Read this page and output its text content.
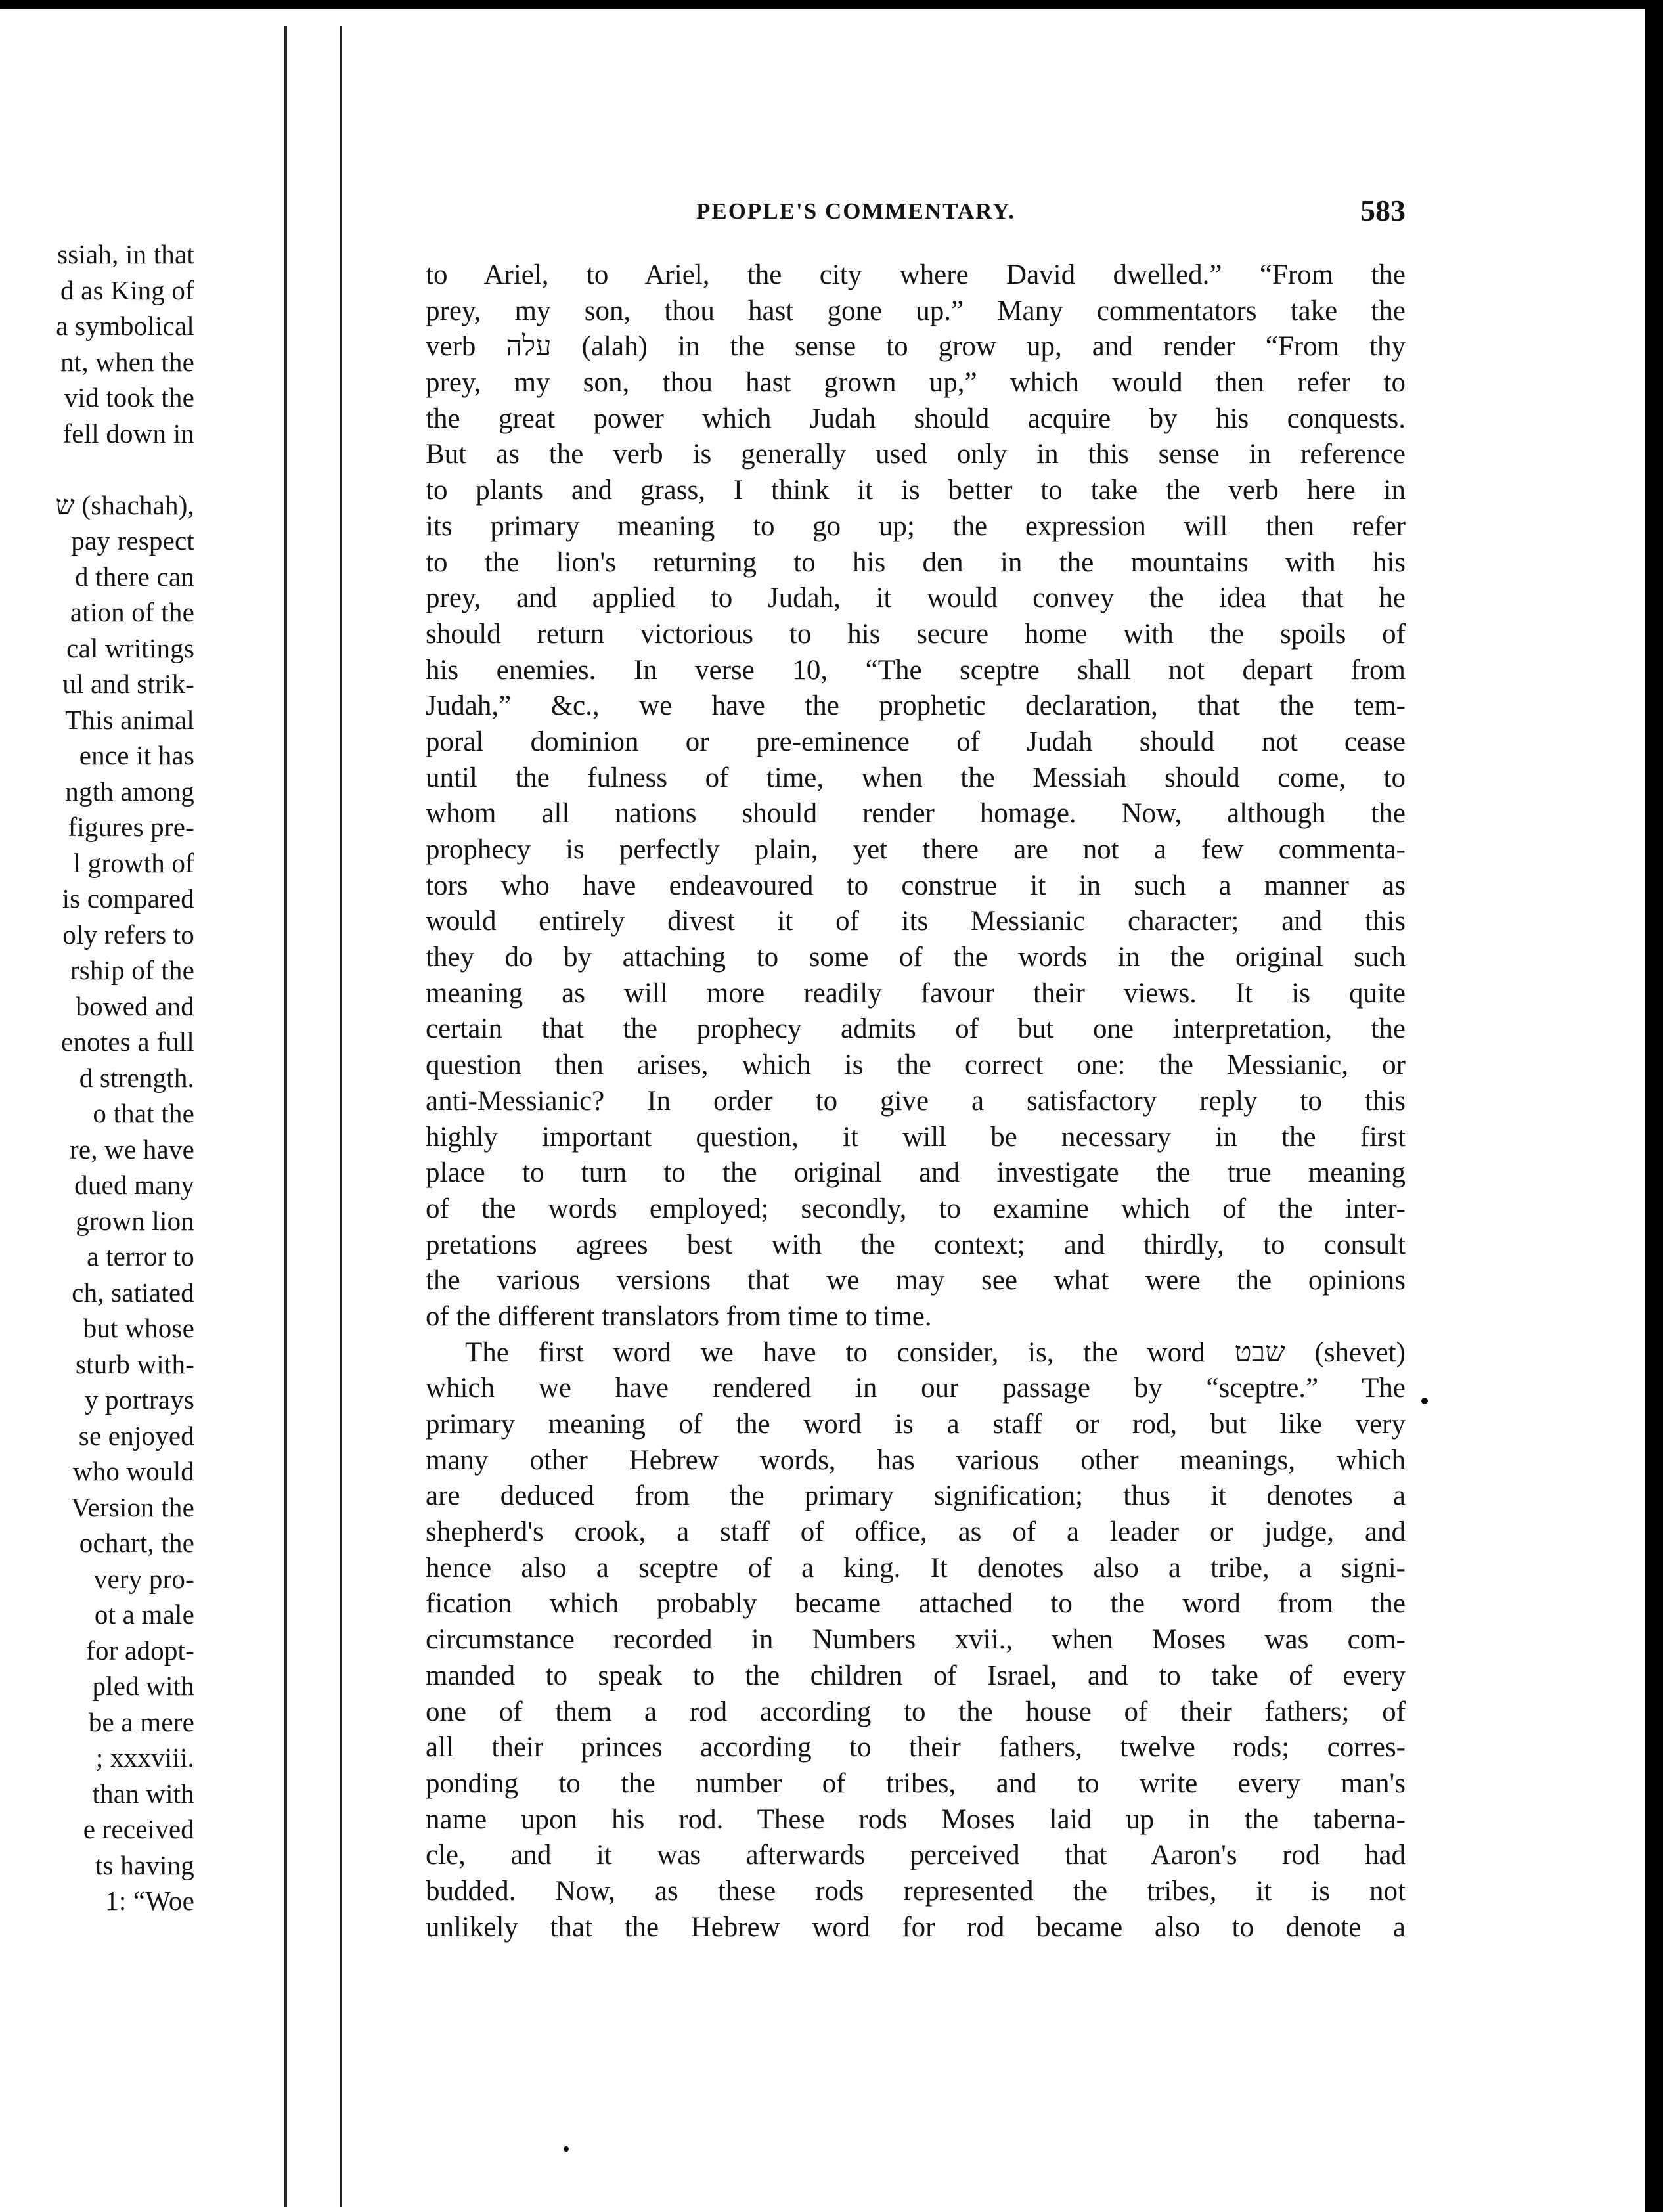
ssiah, in that
d as King of
a symbolical
nt, when the
vid took the
fell down in
ש (shachah),
pay respect
d there can
ation of the
cal writings
ul and strik-
This animal
ence it has
ngth among
figures pre-
l growth of
is compared
oly refers to
rship of the
bowed and
enotes a full
d strength.
o that the
re, we have
dued many
grown lion
a terror to
ch, satiated
but whose
sturb with-
y portrays
se enjoyed
who would
Version the
ochart, the
very pro-
ot a male
for adopt-
pled with
be a mere
; xxxviii.
than with
e received
ts having
1: “Woe
PEOPLE'S COMMENTARY.	583
to Ariel, to Ariel, the city where David dwelled.” “From the
prey, my son, thou hast gone up.” Many commentators take the
verb עלה (alah) in the sense to grow up, and render “From thy
prey, my son, thou hast grown up,” which would then refer to
the great power which Judah should acquire by his conquests.
But as the verb is generally used only in this sense in reference
to plants and grass, I think it is better to take the verb here in
its primary meaning to go up; the expression will then refer
to the lion's returning to his den in the mountains with his
prey, and applied to Judah, it would convey the idea that he
should return victorious to his secure home with the spoils of
his enemies. In verse 10, “The sceptre shall not depart from
Judah,” &c., we have the prophetic declaration, that the tem-
poral dominion or pre-eminence of Judah should not cease
until the fulness of time, when the Messiah should come, to
whom all nations should render homage. Now, although the
prophecy is perfectly plain, yet there are not a few commenta-
tors who have endeavoured to construe it in such a manner as
would entirely divest it of its Messianic character; and this
they do by attaching to some of the words in the original such
meaning as will more readily favour their views. It is quite
certain that the prophecy admits of but one interpretation, the
question then arises, which is the correct one: the Messianic, or
anti-Messianic? In order to give a satisfactory reply to this
highly important question, it will be necessary in the first
place to turn to the original and investigate the true meaning
of the words employed; secondly, to examine which of the inter-
pretations agrees best with the context; and thirdly, to consult
the various versions that we may see what were the opinions
of the different translators from time to time.
The first word we have to consider, is, the word שבט (shevet)
which we have rendered in our passage by “sceptre.” The
primary meaning of the word is a staff or rod, but like very
many other Hebrew words, has various other meanings, which
are deduced from the primary signification; thus it denotes a
shepherd's crook, a staff of office, as of a leader or judge, and
hence also a sceptre of a king. It denotes also a tribe, a signi-
fication which probably became attached to the word from the
circumstance recorded in Numbers xvii., when Moses was com-
manded to speak to the children of Israel, and to take of every
one of them a rod according to the house of their fathers; of
all their princes according to their fathers, twelve rods; corres-
ponding to the number of tribes, and to write every man's
name upon his rod. These rods Moses laid up in the taberna-
cle, and it was afterwards perceived that Aaron's rod had
budded. Now, as these rods represented the tribes, it is not
unlikely that the Hebrew word for rod became also to denote a
